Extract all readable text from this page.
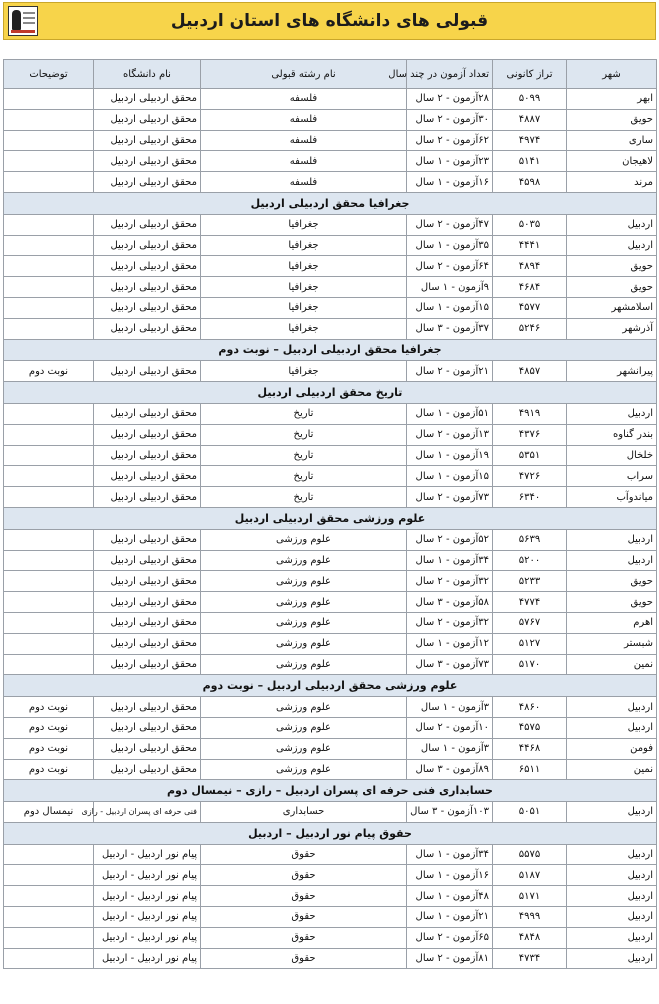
قبولی های دانشگاه های استان اردبیل
شهر	تراز کانونی	تعداد آزمون در چند سال	نام رشته قبولی	نام دانشگاه	توضیحات
ابهر	۵۰۹۹	۲۸آزمون - ۲ سال	فلسفه	محقق اردبیلی اردبیل	
حویق	۴۸۸۷	۳۰آزمون - ۲ سال	فلسفه	محقق اردبیلی اردبیل	
ساری	۴۹۷۴	۶۲آزمون - ۲ سال	فلسفه	محقق اردبیلی اردبیل	
لاهیجان	۵۱۴۱	۲۳آزمون - ۱ سال	فلسفه	محقق اردبیلی اردبیل	
مرند	۴۵۹۸	۱۶آزمون - ۱ سال	فلسفه	محقق اردبیلی اردبیل	
جغرافیا محقق اردبیلی اردبیل					
اردبیل	۵۰۳۵	۴۷آزمون - ۲ سال	جغرافیا	محقق اردبیلی اردبیل	
اردبیل	۴۴۴۱	۳۵آزمون - ۱ سال	جغرافیا	محقق اردبیلی اردبیل	
حویق	۴۸۹۴	۶۴آزمون - ۲ سال	جغرافیا	محقق اردبیلی اردبیل	
حویق	۴۶۸۴	۹آزمون - ۱ سال	جغرافیا	محقق اردبیلی اردبیل	
اسلامشهر	۴۵۷۷	۱۵آزمون - ۱ سال	جغرافیا	محقق اردبیلی اردبیل	
آذرشهر	۵۲۴۶	۳۷آزمون - ۳ سال	جغرافیا	محقق اردبیلی اردبیل	
جغرافیا محقق اردبیلی اردبیل – نوبت دوم					
پیرانشهر	۴۸۵۷	۲۱آزمون - ۲ سال	جغرافیا	محقق اردبیلی اردبیل	نوبت دوم
تاریخ محقق اردبیلی اردبیل					
اردبیل	۴۹۱۹	۵۱آزمون - ۱ سال	تاریخ	محقق اردبیلی اردبیل	
بندر گناوه	۴۳۷۶	۱۳آزمون - ۲ سال	تاریخ	محقق اردبیلی اردبیل	
خلخال	۵۳۵۱	۱۹آزمون - ۱ سال	تاریخ	محقق اردبیلی اردبیل	
سراب	۴۷۲۶	۱۵آزمون - ۱ سال	تاریخ	محقق اردبیلی اردبیل	
میاندوآب	۶۳۴۰	۷۳آزمون - ۲ سال	تاریخ	محقق اردبیلی اردبیل	
علوم ورزشی محقق اردبیلی اردبیل					
اردبیل	۵۶۳۹	۵۲آزمون - ۲ سال	علوم ورزشی	محقق اردبیلی اردبیل	
اردبیل	۵۲۰۰	۳۴آزمون - ۱ سال	علوم ورزشی	محقق اردبیلی اردبیل	
حویق	۵۲۳۳	۳۲آزمون - ۲ سال	علوم ورزشی	محقق اردبیلی اردبیل	
حویق	۴۷۷۴	۵۸آزمون - ۳ سال	علوم ورزشی	محقق اردبیلی اردبیل	
اهرم	۵۷۶۷	۳۲آزمون - ۲ سال	علوم ورزشی	محقق اردبیلی اردبیل	
شبستر	۵۱۲۷	۱۲آزمون - ۱ سال	علوم ورزشی	محقق اردبیلی اردبیل	
نمین	۵۱۷۰	۷۳آزمون - ۳ سال	علوم ورزشی	محقق اردبیلی اردبیل	
علوم ورزشی محقق اردبیلی اردبیل – نوبت دوم					
اردبیل	۴۸۶۰	۳آزمون - ۱ سال	علوم ورزشی	محقق اردبیلی اردبیل	نوبت دوم
اردبیل	۴۵۷۵	۱۰آزمون - ۲ سال	علوم ورزشی	محقق اردبیلی اردبیل	نوبت دوم
فومن	۴۴۶۸	۳آزمون - ۱ سال	علوم ورزشی	محقق اردبیلی اردبیل	نوبت دوم
نمین	۶۵۱۱	۸۹آزمون - ۳ سال	علوم ورزشی	محقق اردبیلی اردبیل	نوبت دوم
حسابداری فنی حرفه ای پسران اردبیل – رازی – نیمسال دوم					
اردبیل	۵۰۵۱	۱۰۳آزمون - ۳ سال	حسابداری	فنی حرفه ای پسران اردبیل - رازی	نیمسال دوم
حقوق پیام نور اردبیل – اردبیل					
اردبیل	۵۵۷۵	۳۴آزمون - ۱ سال	حقوق	پیام نور اردبیل - اردبیل	
اردبیل	۵۱۸۷	۱۶آزمون - ۱ سال	حقوق	پیام نور اردبیل - اردبیل	
اردبیل	۵۱۷۱	۴۸آزمون - ۱ سال	حقوق	پیام نور اردبیل - اردبیل	
اردبیل	۴۹۹۹	۲۱آزمون - ۱ سال	حقوق	پیام نور اردبیل - اردبیل	
اردبیل	۴۸۴۸	۶۵آزمون - ۲ سال	حقوق	پیام نور اردبیل - اردبیل	
اردبیل	۴۷۳۴	۸۱آزمون - ۲ سال	حقوق	پیام نور اردبیل - اردبیل	
